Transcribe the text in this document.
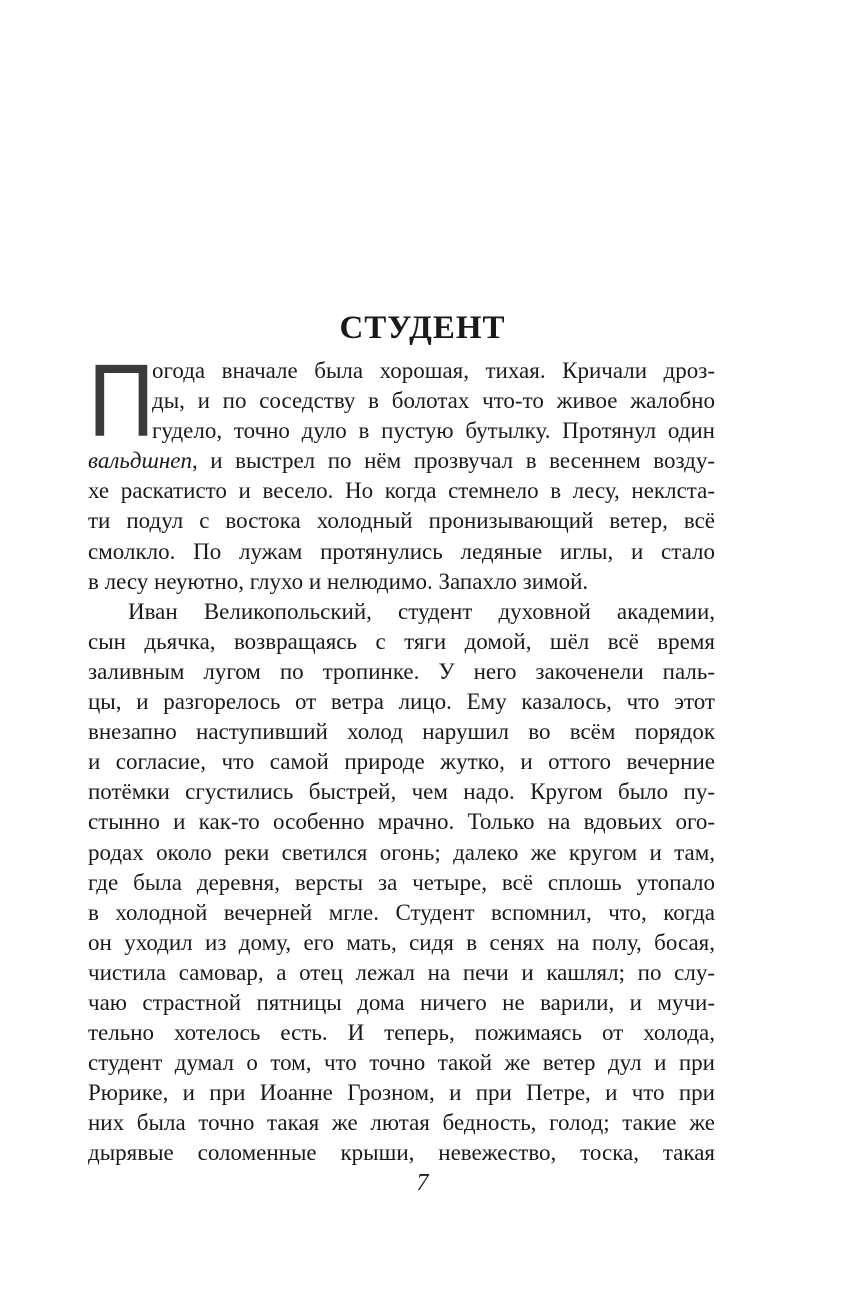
СТУДЕНТ
П
огода вначале была хорошая, тихая. Кричали дроз-
ды, и по соседству в болотах что-то живое жалобно
гудело, точно дуло в пустую бутылку. Протянул один
вальдшнеп, и выстрел по нём прозвучал в весеннем возду-
хе раскатисто и весело. Но когда стемнело в лесу, неклста-
ти подул с востока холодный пронизывающий ветер, всё
смолкло. По лужам протянулись ледяные иглы, и стало
в лесу неуютно, глухо и нелюдимо. Запахло зимой.
Иван Великопольский, студент духовной академии,
сын дьячка, возвращаясь с тяги домой, шёл всё время
заливным лугом по тропинке. У него закоченели паль-
цы, и разгорелось от ветра лицо. Ему казалось, что этот
внезапно наступивший холод нарушил во всём порядок
и согласие, что самой природе жутко, и оттого вечерние
потёмки сгустились быстрей, чем надо. Кругом было пу-
стынно и как-то особенно мрачно. Только на вдовьих ого-
родах около реки светился огонь; далеко же кругом и там,
где была деревня, версты за четыре, всё сплошь утопало
в холодной вечерней мгле. Студент вспомнил, что, когда
он уходил из дому, его мать, сидя в сенях на полу, босая,
чистила самовар, а отец лежал на печи и кашлял; по слу-
чаю страстной пятницы дома ничего не варили, и мучи-
тельно хотелось есть. И теперь, пожимаясь от холода,
студент думал о том, что точно такой же ветер дул и при
Рюрике, и при Иоанне Грозном, и при Петре, и что при
них была точно такая же лютая бедность, голод; такие же
дырявые соломенные крыши, невежество, тоска, такая
7
